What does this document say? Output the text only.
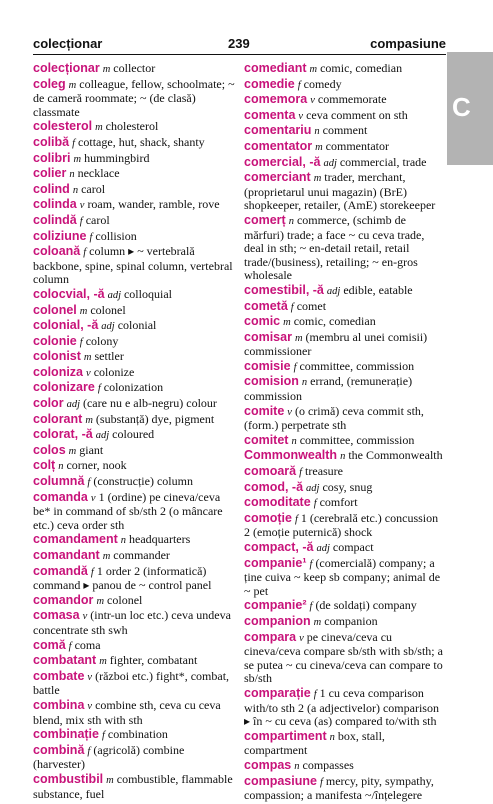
colecționar	239	compasiune
C
colecționar m collector
coleg m colleague, fellow, schoolmate; ~ de cameră roommate; ~ (de clasă) classmate
colesterol m cholesterol
colibă f cottage, hut, shack, shanty
colibri m hummingbird
colier n necklace
colind n carol
colinda v roam, wander, ramble, rove
colindă f carol
coliziune f collision
coloană f column ▸ ~ vertebrală backbone, spine, spinal column, vertebral column
colocvial, -ă adj colloquial
colonel m colonel
colonial, -ă adj colonial
colonie f colony
colonist m settler
coloniza v colonize
colonizare f colonization
color adj (care nu e alb-negru) colour
colorant m (substanță) dye, pigment
colorat, -ă adj coloured
colos m giant
colț n corner, nook
columnă f (construcție) column
comanda v 1 (ordine) pe cineva/ceva be* in command of sb/sth 2 (o mâncare etc.) ceva order sth
comandament n headquarters
comandant m commander
comandă f 1 order 2 (informatică) command ▸ panou de ~ control panel
comandor m colonel
comasa v (intr-un loc etc.) ceva undeva concentrate sth swh
comă f coma
combatant m fighter, combatant
combate v (război etc.) fight*, combat, battle
combina v combine sth, ceva cu ceva blend, mix sth with sth
combinație f combination
combină f (agricolă) combine (harvester)
combustibil m combustible, flammable substance, fuel
comediant m comic, comedian
comedie f comedy
comemora v commemorate
comenta v ceva comment on sth
comentariu n comment
comentator m commentator
comercial, -ă adj commercial, trade
comerciant m trader, merchant, (proprietarul unui magazin) (BrE) shopkeeper, retailer, (AmE) storekeeper
comerț n commerce, (schimb de mărfuri) trade; a face ~ cu ceva trade, deal in sth; ~ en-detail retail, retail trade/(business), retailing; ~ en-gros wholesale
comestibil, -ă adj edible, eatable
cometă f comet
comic m comic, comedian
comisar m (membru al unei comisii) commissioner
comisie f committee, commission
comision n errand, (remunerație) commission
comite v (o crimă) ceva commit sth, (form.) perpetrate sth
comitet n committee, commission
Commonwealth n the Commonwealth
comoară f treasure
comod, -ă adj cosy, snug
comoditate f comfort
comoție f 1 (cerebrală etc.) concussion 2 (emoție puternică) shock
compact, -ă adj compact
companie¹ f (comercială) company; a ține cuiva ~ keep sb company; animal de ~ pet
companie² f (de soldați) company
companion m companion
compara v pe cineva/ceva cu cineva/ceva compare sb/sth with sb/sth; a se putea ~ cu cineva/ceva can compare to sb/sth
comparație f 1 cu ceva comparison with/to sth 2 (a adjectivelor) comparison ▸ în ~ cu ceva (as) compared to/with sth
compartiment n box, stall, compartment
compas n compasses
compasiune f mercy, pity, sympathy, compassion; a manifesta ~/înțelegere
